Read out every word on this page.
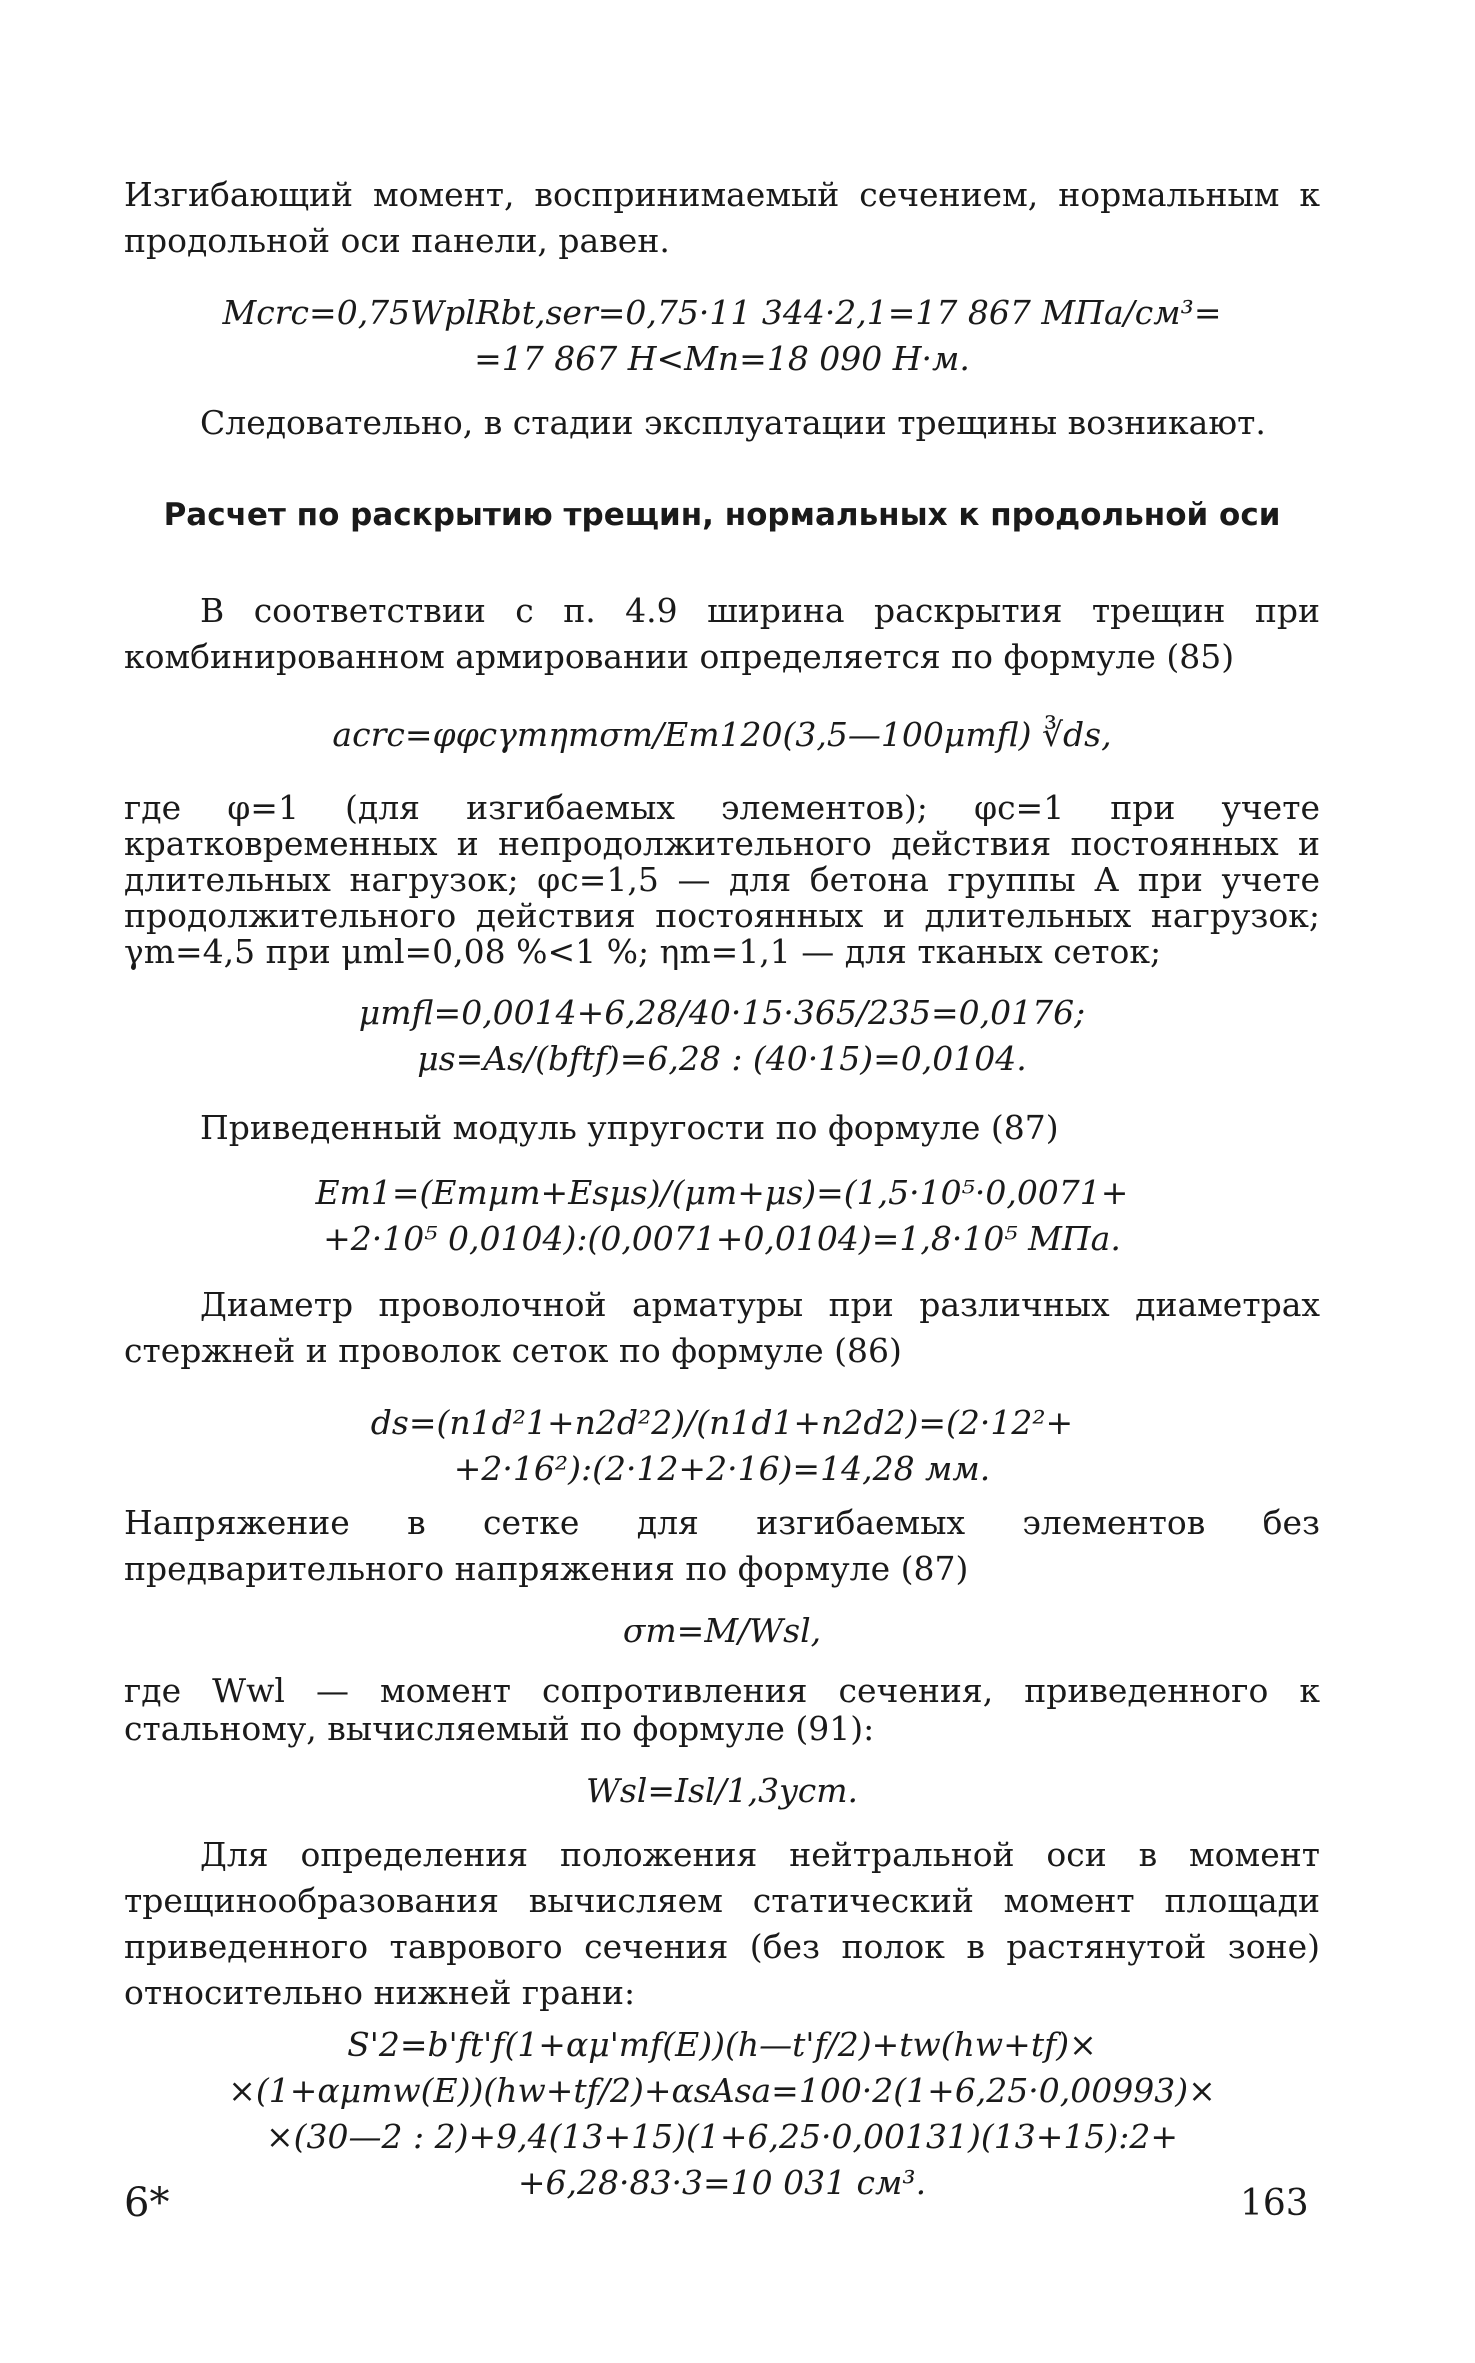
Изгибающий момент, воспринимаемый сечением, нормальным к продольной оси панели, равен.

Mcrc=0,75WplRbt,ser=0,75·11 344·2,1=17 867 МПа/см³=
=17 867 Н<Mn=18 090 Н·м.

Следовательно, в стадии эксплуатации трещины возникают.

Расчет по раскрытию трещин, нормальных к продольной оси

В соответствии с п. 4.9 ширина раскрытия трещин при комбинированном армировании определяется по формуле (85)

acrc=φφcγmηmσm/Em120(3,5—100μmfl) ∛ds,

где φ=1 (для изгибаемых элементов); φc=1 при учете кратковременных и непродолжительного действия постоянных и длительных нагрузок; φc=1,5 — для бетона группы А при учете продолжительного действия постоянных и длительных нагрузок; γm=4,5 при μml=0,08 %<1 %; ηm=1,1 — для тканых сеток;

μmfl=0,0014+6,28/40·15·365/235=0,0176;
μs=As/(bftf)=6,28 : (40·15)=0,0104.

Приведенный модуль упругости по формуле (87)

Em1=(Emμm+Esμs)/(μm+μs)=(1,5·10⁵·0,0071+
+2·10⁵ 0,0104):(0,0071+0,0104)=1,8·10⁵ МПа.

Диаметр проволочной арматуры при различных диаметрах стержней и проволок сеток по формуле (86)

ds=(n1d²1+n2d²2)/(n1d1+n2d2)=(2·12²+
+2·16²):(2·12+2·16)=14,28 мм.

Напряжение в сетке для изгибаемых элементов без предварительного напряжения по формуле (87)

σm=M/Wsl,

где Wwl — момент сопротивления сечения, приведенного к стальному, вычисляемый по формуле (91):

Wsl=Isl/1,3ycm.

Для определения положения нейтральной оси в момент трещинообразования вычисляем статический момент площади приведенного таврового сечения (без полок в растянутой зоне) относительно нижней грани:

S'2=b'ft'f(1+αμ'mf(E))(h—t'f/2)+tw(hw+tf)×
×(1+αμmw(E))(hw+tf/2)+αsAsa=100·2(1+6,25·0,00993)×
×(30—2 : 2)+9,4(13+15)(1+6,25·0,00131)(13+15):2+
+6,28·83·3=10 031 см³.

6*	163
